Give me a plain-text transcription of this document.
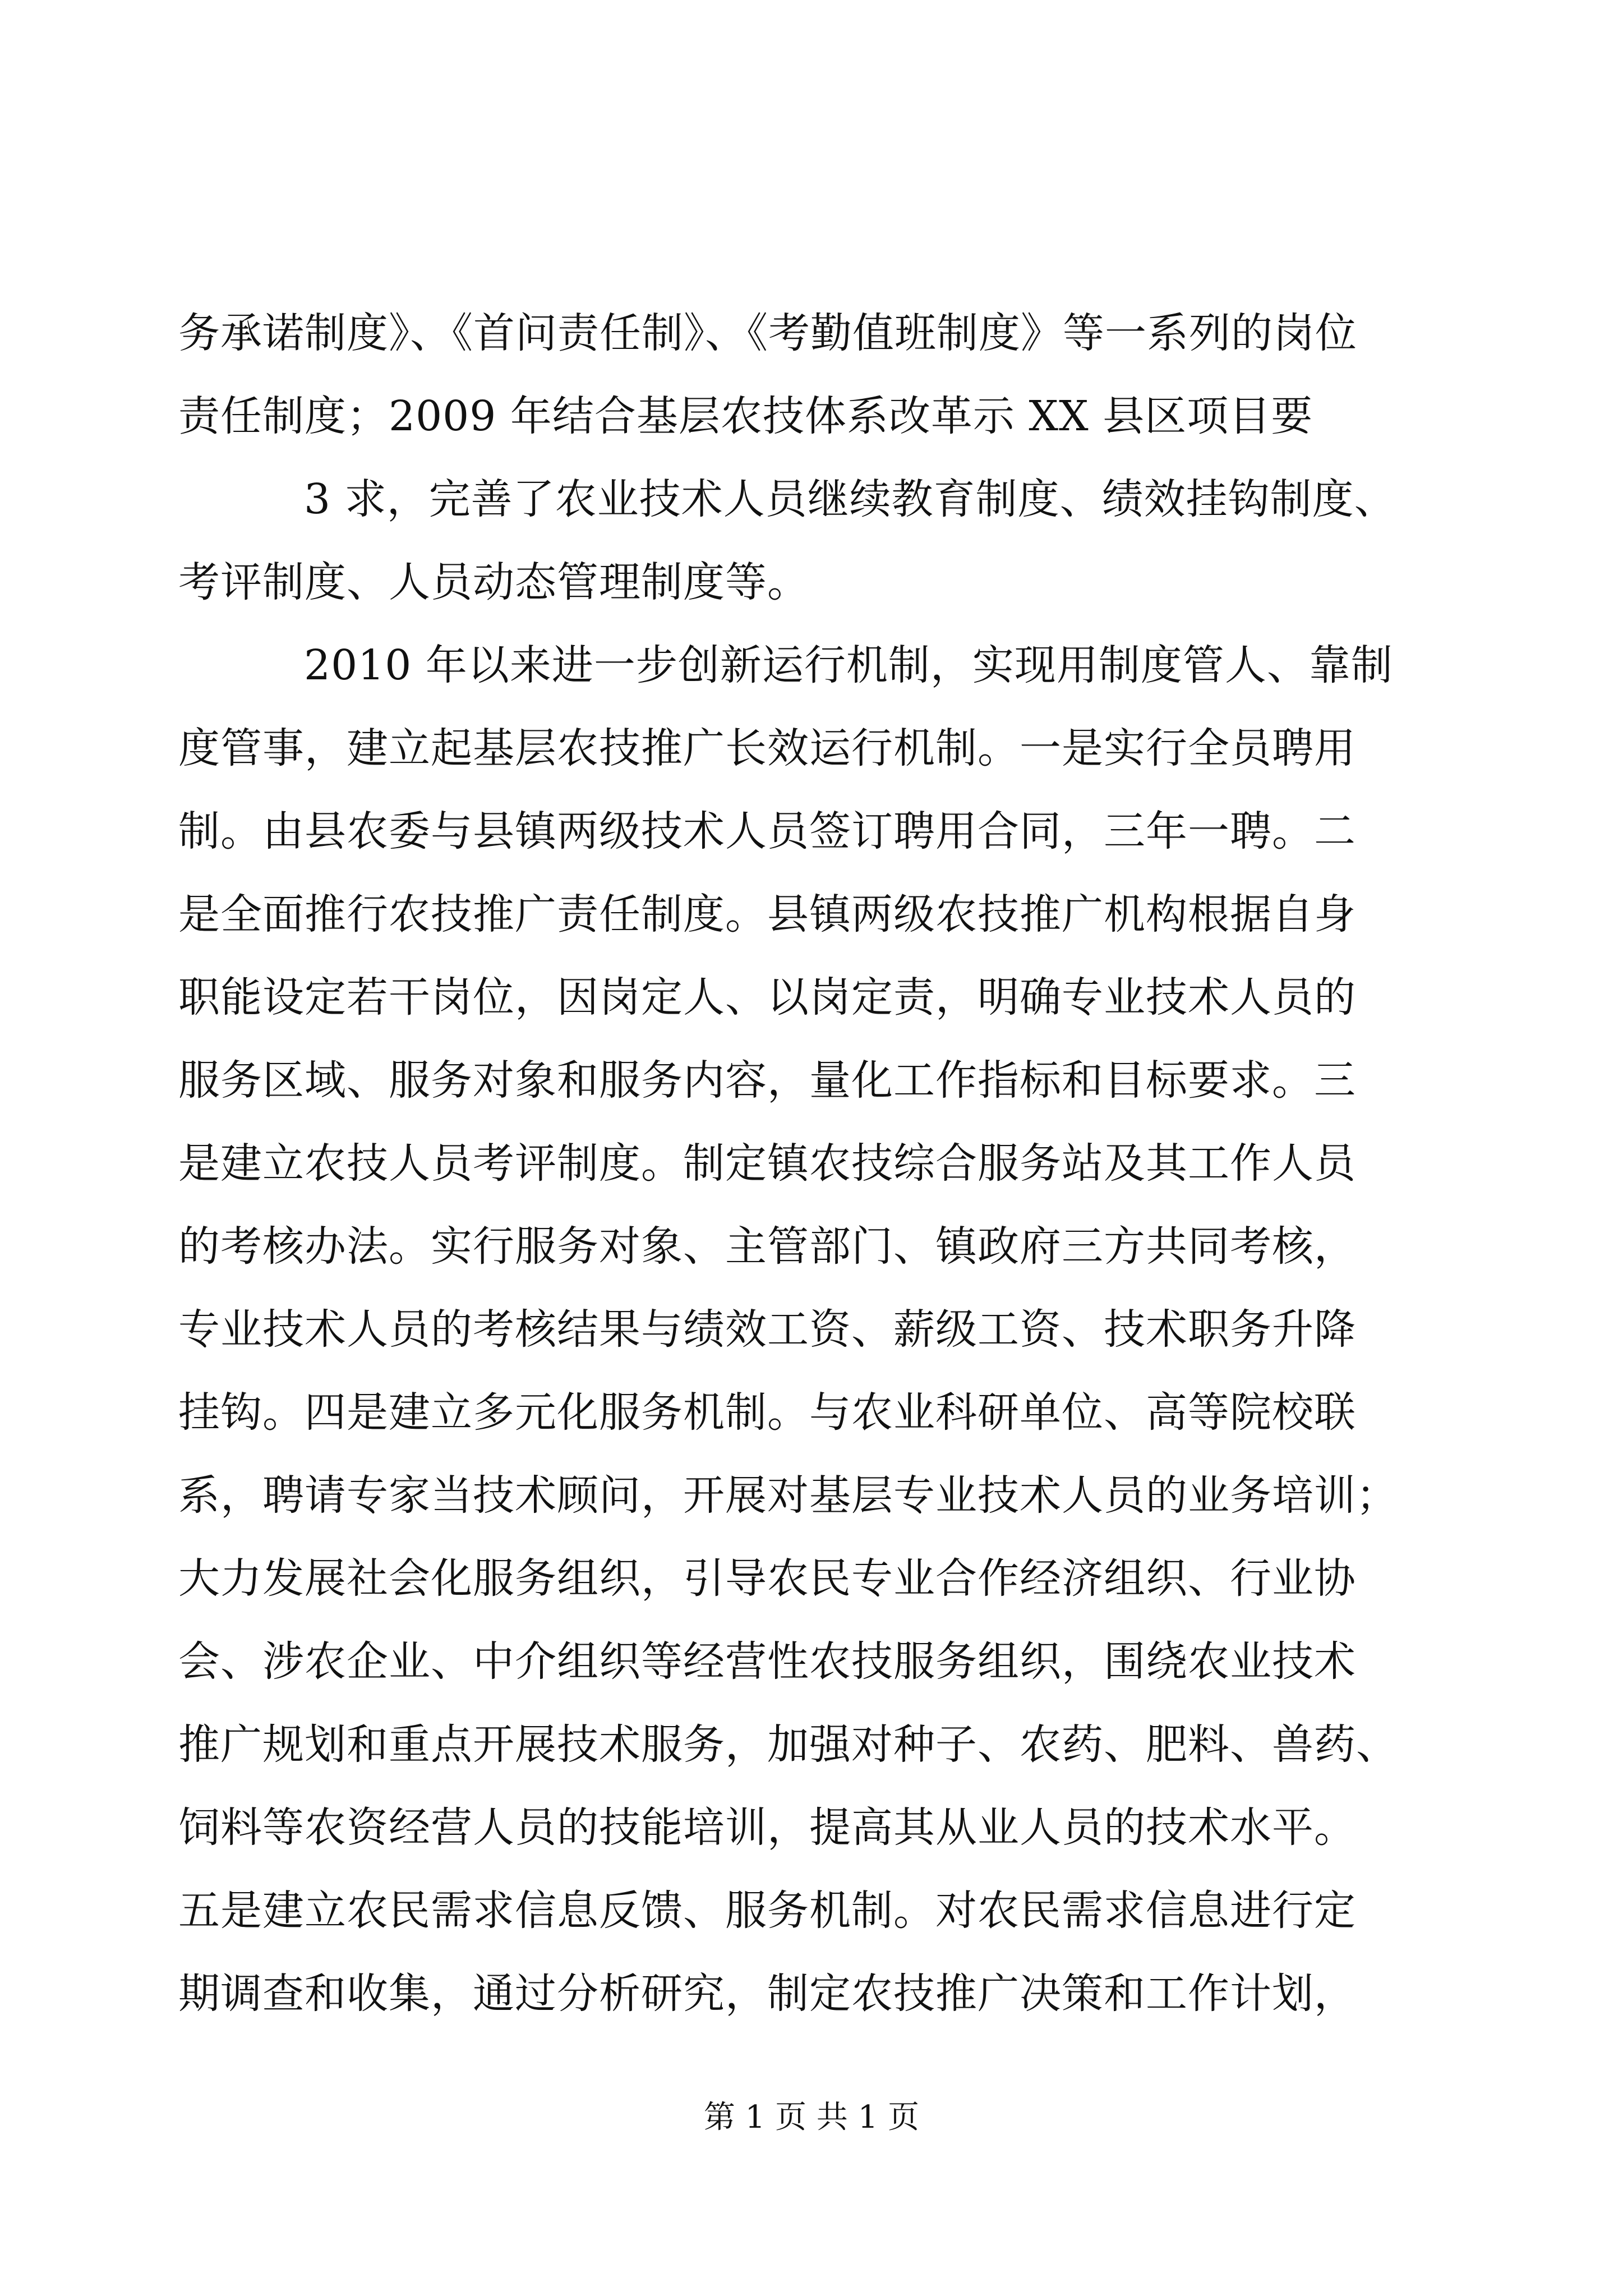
务承诺制度》、《首问责任制》、《考勤值班制度》等一系列的岗位
责任制度；2009 年结合基层农技体系改革示 XX 县区项目要
3 求，完善了农业技术人员继续教育制度、绩效挂钩制度、
考评制度、人员动态管理制度等。
2010 年以来进一步创新运行机制，实现用制度管人、靠制
度管事，建立起基层农技推广长效运行机制。一是实行全员聘用
制。由县农委与县镇两级技术人员签订聘用合同，三年一聘。二
是全面推行农技推广责任制度。县镇两级农技推广机构根据自身
职能设定若干岗位，因岗定人、以岗定责，明确专业技术人员的
服务区域、服务对象和服务内容，量化工作指标和目标要求。三
是建立农技人员考评制度。制定镇农技综合服务站及其工作人员
的考核办法。实行服务对象、主管部门、镇政府三方共同考核，
专业技术人员的考核结果与绩效工资、薪级工资、技术职务升降
挂钩。四是建立多元化服务机制。与农业科研单位、高等院校联
系，聘请专家当技术顾问，开展对基层专业技术人员的业务培训；
大力发展社会化服务组织，引导农民专业合作经济组织、行业协
会、涉农企业、中介组织等经营性农技服务组织，围绕农业技术
推广规划和重点开展技术服务，加强对种子、农药、肥料、兽药、
饲料等农资经营人员的技能培训，提高其从业人员的技术水平。
五是建立农民需求信息反馈、服务机制。对农民需求信息进行定
期调查和收集，通过分析研究，制定农技推广决策和工作计划，
第 1 页 共 1 页
